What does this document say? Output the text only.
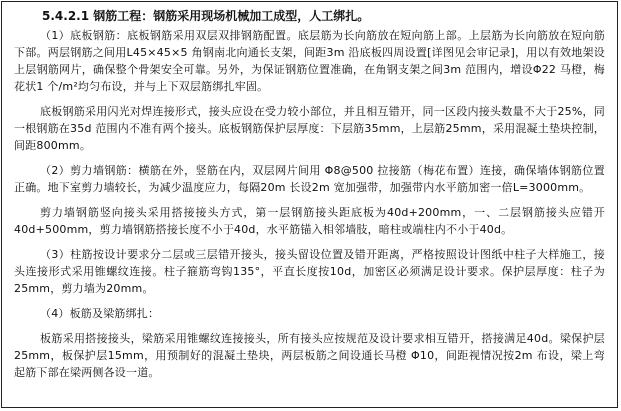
5.4.2.1 钢筋工程：钢筋采用现场机械加工成型，人工绑扎。

（1）底板钢筋：底板钢筋采用双层双排钢筋配置。底层筋为长向筋放在短向筋上部。上层筋为长向筋放在短向筋下部。两层钢筋之间用L45×45×5 角钢南北向通长支架，间距3m 沿底板四周设置[详图见会审记录]，用以有效地架设上层钢筋网片，确保整个骨架安全可靠。另外，为保证钢筋位置准确，在角钢支架之间3m 范围内，增设Φ22 马橙，梅花状1 个/m²均匀布设，并与上下双层筋绑扎牢固。

底板钢筋采用闪光对焊连接形式，接头应设在受力较小部位，并且相互错开，同一区段内接头数量不大于25%，同一根钢筋在35d 范围内不准有两个接头。底板钢筋保护层厚度：下层筋35mm，上层筋25mm，采用混凝土垫块控制，间距800mm。

（2）剪力墙钢筋：横筋在外，竖筋在内，双层网片间用 Φ8@500 拉接筋（梅花布置）连接，确保墙体钢筋位置正确。地下室剪力墙较长，为减少温度应力，每隔20m 长设2m 宽加强带，加强带内水平筋加密一倍L=3000mm。

剪力墙钢筋竖向接头采用搭接接头方式，第一层钢筋接头距底板为40d+200mm，一、二层钢筋接头应错开40d+500mm，剪力墙钢筋搭接长度不小于40d，水平筋锚入相邻墙肢，暗柱或端柱内不小于40d。

（3）柱筋按设计要求分二层或三层错开接头，接头留设位置及错开距离，严格按照设计图纸中柱子大样施工，接头连接形式采用锥螺纹连接。柱子箍筋弯钩135°，平直长度按10d，加密区必须满足设计要求。保护层厚度：柱子为25mm，剪力墙为20mm。

（4）板筋及梁筋绑扎：

板筋采用搭接接头，梁筋采用锥螺纹连接接头，所有接头应按规范及设计要求相互错开，搭接满足40d。梁保护层25mm，板保护层15mm，用预制好的混凝土垫块，两层板筋之间设通长马橙 Φ10，间距视情况按2m 布设，梁上弯起筋下部在梁两侧各设一道。
